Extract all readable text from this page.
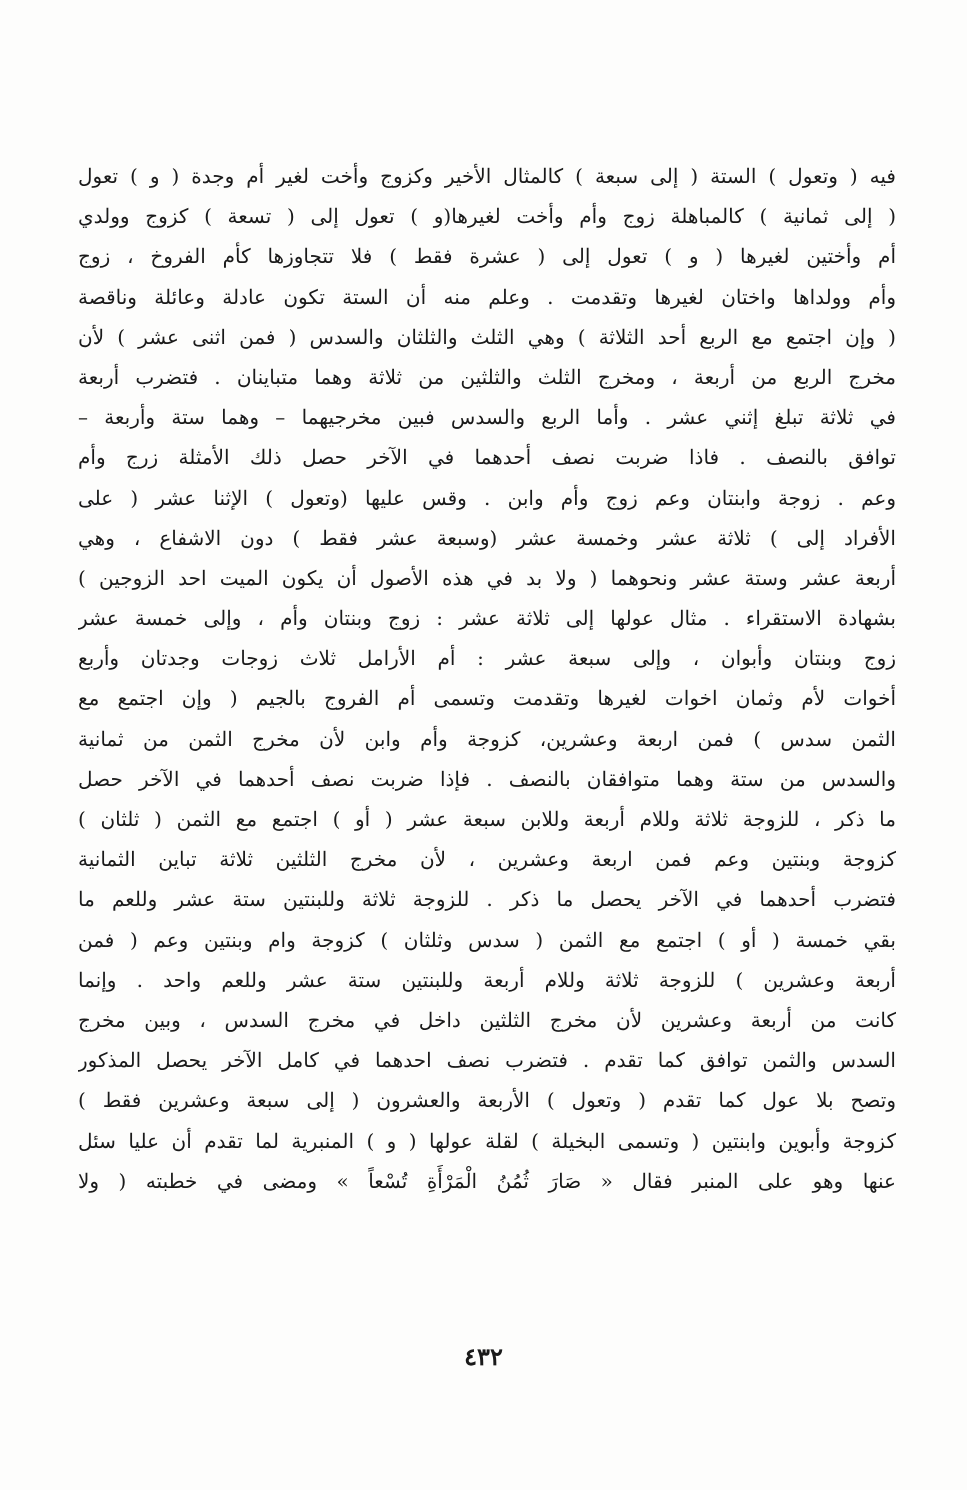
فيه ( وتعول ) الستة ( إلى سبعة ) كالمثال الأخير وكزوج وأخت لغير أم وجدة ( و ) تعول
( إلى ثمانية ) كالمباهلة زوج وأم وأخت لغيرها(و ) تعول إلى ( تسعة ) كزوج وولدي
أم وأختين لغيرها ( و ) تعول إلى ( عشرة فقط ) فلا تتجاوزها كأم الفروخ ، زوج
وأم وولداها واختان لغيرها وتقدمت . وعلم منه أن الستة تكون عادلة وعائلة وناقصة
( وإن اجتمع مع الربع أحد الثلاثة ) وهي الثلث والثلثان والسدس ( فمن اثنى عشر ) لأن
مخرج الربع من أربعة ، ومخرج الثلث والثلثين من ثلاثة وهما متباينان . فتضرب أربعة
في ثلاثة تبلغ إثني عشر . وأما الربع والسدس فبين مخرجيهما – وهما ستة وأربعة –
توافق بالنصف . فاذا ضربت نصف أحدهما في الآخر حصل ذلك الأمثلة زرج وأم
وعم . زوجة وابنتان وعم زوج وأم وابن . وقس عليها (وتعول ) الإثنا عشر ( على
الأفراد إلى ) ثلاثة عشر وخمسة عشر (وسبعة عشر فقط ) دون الاشفاع ، وهي
أربعة عشر وستة عشر ونحوهما ( ولا بد في هذه الأصول أن يكون الميت احد الزوجين )
بشهادة الاستقراء . مثال عولها إلى ثلاثة عشر : زوج وبنتان وأم ، وإلى خمسة عشر
زوج وبنتان وأبوان ، وإلى سبعة عشر : أم الأرامل ثلاث زوجات وجدتان وأربع
أخوات لأم وثمان اخوات لغيرها وتقدمت وتسمى أم الفروج بالجيم ( وإن اجتمع مع
الثمن سدس ) فمن اربعة وعشرين، كزوجة وأم وابن لأن مخرج الثمن من ثمانية
والسدس من ستة وهما متوافقان بالنصف . فإذا ضربت نصف أحدهما في الآخر حصل
ما ذكر ، للزوجة ثلاثة وللام أربعة وللابن سبعة عشر ( أو ) اجتمع مع الثمن ( ثلثان )
كزوجة وبنتين وعم فمن اربعة وعشرين ، لأن مخرج الثلثين ثلاثة تباين الثمانية
فتضرب أحدهما في الآخر يحصل ما ذكر . للزوجة ثلاثة وللبنتين ستة عشر وللعم ما
بقي خمسة ( أو ) اجتمع مع الثمن ( سدس وثلثان ) كزوجة وام وبنتين وعم ( فمن
أربعة وعشرين ) للزوجة ثلاثة وللام أربعة وللبنتين ستة عشر وللعم واحد . وإنما
كانت من أربعة وعشرين لأن مخرج الثلثين داخل في مخرج السدس ، وبين مخرج
السدس والثمن توافق كما تقدم . فتضرب نصف احدهما في كامل الآخر يحصل المذكور
وتصح بلا عول كما تقدم ( وتعول ) الأربعة والعشرون ( إلى سبعة وعشرين فقط )
كزوجة وأبوين وابنتين ( وتسمى البخيلة ) لقلة عولها ( و ) المنبرية لما تقدم أن عليا سئل
عنها وهو على المنبر فقال « صَارَ ثُمُنُ الْمَرْأَةِ تُسْعاً » ومضى في خطبته ( ولا
٤٣٢
